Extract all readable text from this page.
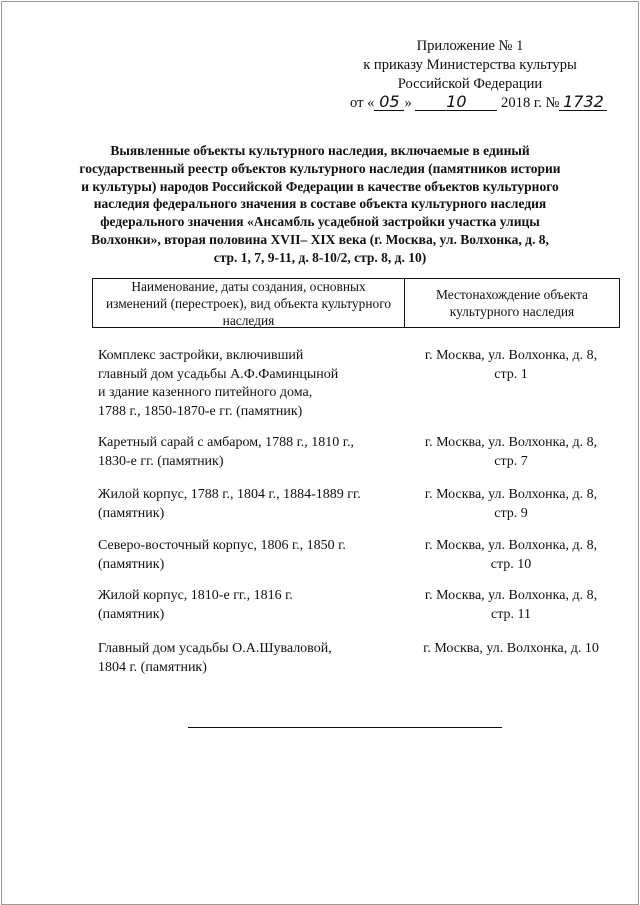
Приложение № 1
к приказу Министерства культуры
Российской Федерации
от « 05 » 10 2018 г. № 1732
Выявленные объекты культурного наследия, включаемые в единый государственный реестр объектов культурного наследия (памятников истории и культуры) народов Российской Федерации в качестве объектов культурного наследия федерального значения в составе объекта культурного наследия федерального значения «Ансамбль усадебной застройки участка улицы Волхонки», вторая половина XVII– XIX века (г. Москва, ул. Волхонка, д. 8, стр. 1, 7, 9-11, д. 8-10/2, стр. 8, д. 10)
Наименование, даты создания, основных изменений (перестроек), вид объекта культурного наследия
Местонахождение объекта культурного наследия
Комплекс застройки, включивший
главный дом усадьбы А.Ф.Фаминцыной
и здание казенного питейного дома,
1788 г., 1850-1870-е гг. (памятник)
г. Москва, ул. Волхонка, д. 8,
стр. 1
Каретный сарай с амбаром, 1788 г., 1810 г.,
1830-е гг. (памятник)
г. Москва, ул. Волхонка, д. 8,
стр. 7
Жилой корпус, 1788 г., 1804 г., 1884-1889 гг.
(памятник)
г. Москва, ул. Волхонка, д. 8,
стр. 9
Северо-восточный корпус, 1806 г., 1850 г.
(памятник)
г. Москва, ул. Волхонка, д. 8,
стр. 10
Жилой корпус, 1810-е гг., 1816 г.
(памятник)
г. Москва, ул. Волхонка, д. 8,
стр. 11
Главный дом усадьбы О.А.Шуваловой,
1804 г. (памятник)
г. Москва, ул. Волхонка, д. 10
